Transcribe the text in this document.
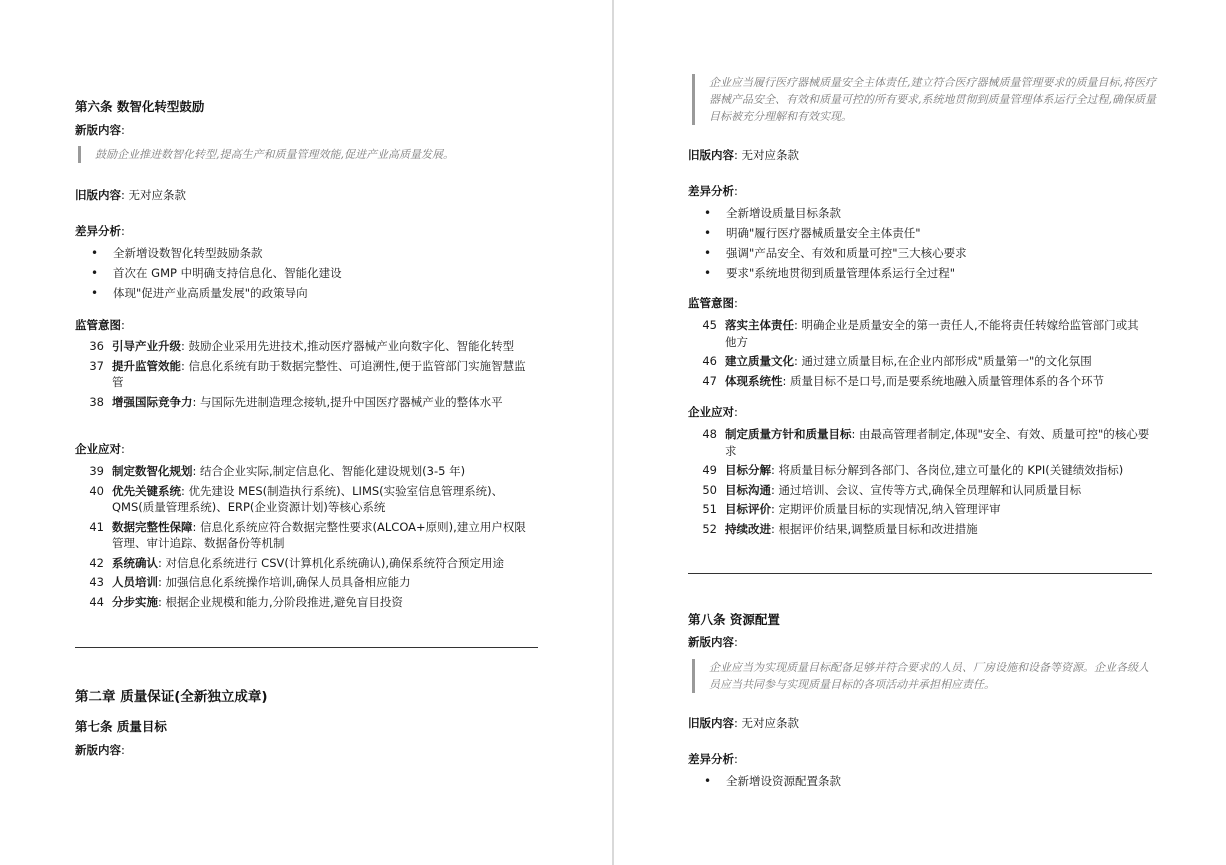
第六条 数智化转型鼓励
新版内容:
鼓励企业推进数智化转型,提高生产和质量管理效能,促进产业高质量发展。
旧版内容: 无对应条款
差异分析:
• 全新增设数智化转型鼓励条款
• 首次在 GMP 中明确支持信息化、智能化建设
• 体现"促进产业高质量发展"的政策导向
监管意图:
36 引导产业升级: 鼓励企业采用先进技术,推动医疗器械产业向数字化、智能化转型
37 提升监管效能: 信息化系统有助于数据完整性、可追溯性,便于监管部门实施智慧监管
38 增强国际竞争力: 与国际先进制造理念接轨,提升中国医疗器械产业的整体水平
企业应对:
39 制定数智化规划: 结合企业实际,制定信息化、智能化建设规划(3-5 年)
40 优先关键系统: 优先建设 MES(制造执行系统)、LIMS(实验室信息管理系统)、QMS(质量管理系统)、ERP(企业资源计划)等核心系统
41 数据完整性保障: 信息化系统应符合数据完整性要求(ALCOA+原则),建立用户权限管理、审计追踪、数据备份等机制
42 系统确认: 对信息化系统进行 CSV(计算机化系统确认),确保系统符合预定用途
43 人员培训: 加强信息化系统操作培训,确保人员具备相应能力
44 分步实施: 根据企业规模和能力,分阶段推进,避免盲目投资
第二章 质量保证(全新独立成章)
第七条 质量目标
新版内容:
企业应当履行医疗器械质量安全主体责任,建立符合医疗器械质量管理要求的质量目标,将医疗器械产品安全、有效和质量可控的所有要求,系统地贯彻到质量管理体系运行全过程,确保质量目标被充分理解和有效实现。
旧版内容: 无对应条款
差异分析:
• 全新增设质量目标条款
• 明确"履行医疗器械质量安全主体责任"
• 强调"产品安全、有效和质量可控"三大核心要求
• 要求"系统地贯彻到质量管理体系运行全过程"
监管意图:
45 落实主体责任: 明确企业是质量安全的第一责任人,不能将责任转嫁给监管部门或其他方
46 建立质量文化: 通过建立质量目标,在企业内部形成"质量第一"的文化氛围
47 体现系统性: 质量目标不是口号,而是要系统地融入质量管理体系的各个环节
企业应对:
48 制定质量方针和质量目标: 由最高管理者制定,体现"安全、有效、质量可控"的核心要求
49 目标分解: 将质量目标分解到各部门、各岗位,建立可量化的 KPI(关键绩效指标)
50 目标沟通: 通过培训、会议、宣传等方式,确保全员理解和认同质量目标
51 目标评价: 定期评价质量目标的实现情况,纳入管理评审
52 持续改进: 根据评价结果,调整质量目标和改进措施
第八条 资源配置
新版内容:
企业应当为实现质量目标配备足够并符合要求的人员、厂房设施和设备等资源。企业各级人员应当共同参与实现质量目标的各项活动并承担相应责任。
旧版内容: 无对应条款
差异分析:
• 全新增设资源配置条款
